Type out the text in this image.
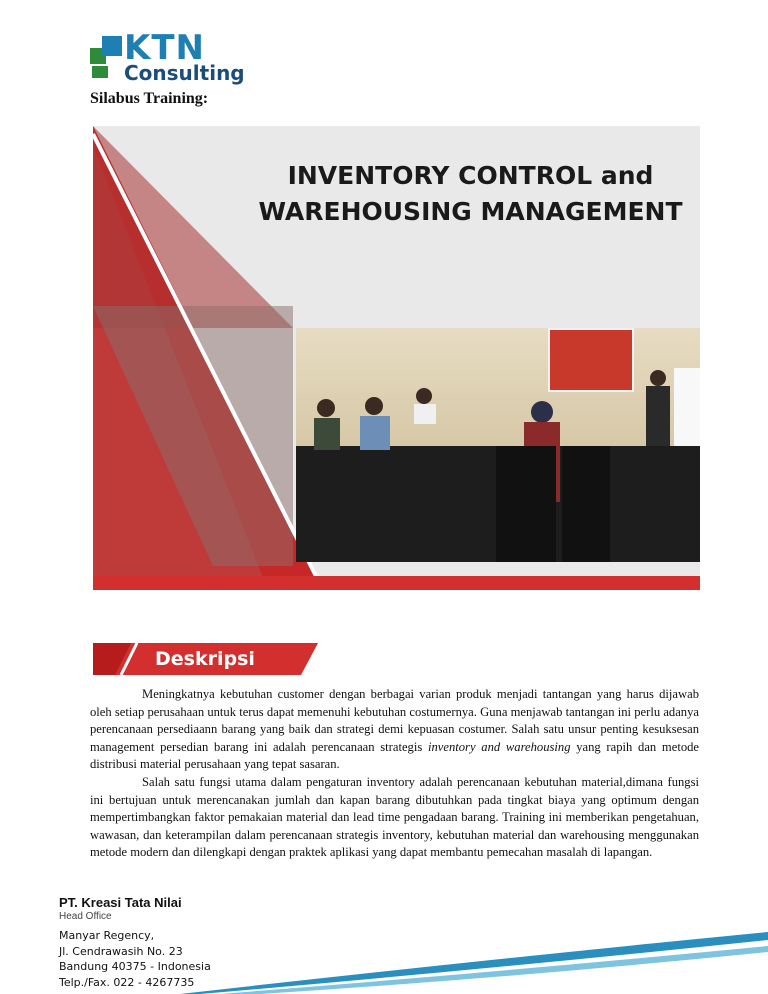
KTN
Consulting
Silabus Training:
INVENTORY CONTROL and
WAREHOUSING MANAGEMENT
Deskripsi

Meningkatnya kebutuhan customer dengan berbagai varian produk menjadi tantangan yang harus dijawab oleh setiap perusahaan untuk terus dapat memenuhi kebutuhan costumernya. Guna menjawab tantangan ini perlu adanya perencanaan persediaann barang yang baik dan strategi demi kepuasan costumer. Salah satu unsur penting kesuksesan management persedian barang ini adalah perencanaan strategis inventory and warehousing yang rapih dan metode distribusi material perusahaan yang tepat sasaran.

Salah satu fungsi utama dalam pengaturan inventory adalah perencanaan kebutuhan material,dimana fungsi ini bertujuan untuk merencanakan jumlah dan kapan barang dibutuhkan pada tingkat biaya yang optimum dengan mempertimbangkan faktor pemakaian material dan lead time pengadaan barang. Training ini memberikan pengetahuan, wawasan, dan keterampilan dalam perencanaan strategis inventory, kebutuhan material dan warehousing menggunakan metode modern dan dilengkapi dengan praktek aplikasi yang dapat membantu pemecahan masalah di lapangan.

PT. Kreasi Tata Nilai
Head Office
Manyar Regency,
Jl. Cendrawasih No. 23
Bandung 40375 - Indonesia
Telp./Fax. 022 - 4267735
